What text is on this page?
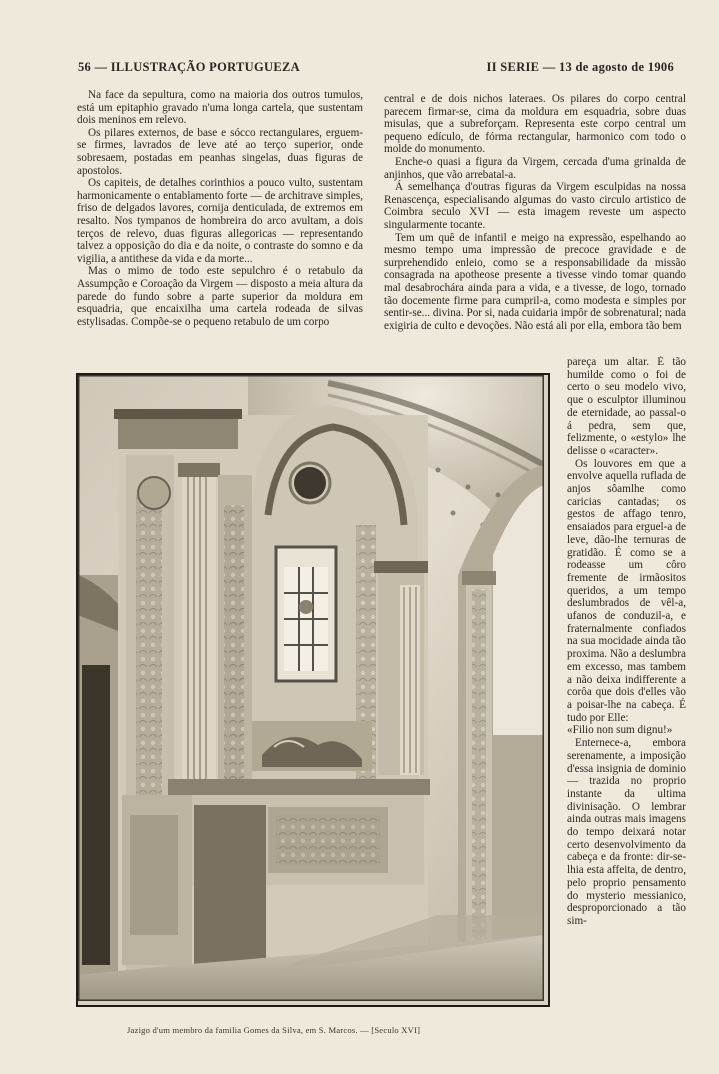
56 — ILLUSTRAÇÃO PORTUGUEZA	II SERIE — 13 de agosto de 1906

Na face da sepultura, como na maioria dos outros tumulos, está um epitaphio gravado n'uma longa cartela, que sustentam dois meninos em relevo.

Os pilares externos, de base e sócco rectangulares, erguem-se firmes, lavrados de leve até ao terço superior, onde sobresaem, postadas em peanhas singelas, duas figuras de apostolos.

Os capiteis, de detalhes corinthios a pouco vulto, sustentam harmonicamente o entablamento forte — de architrave simples, friso de delgados lavores, cornija denticulada, de extremos em resalto. Nos tympanos de hombreira do arco avultam, a dois terços de relevo, duas figuras allegoricas — representando talvez a opposição do dia e da noite, o contraste do somno e da vigilia, a antithese da vida e da morte...

Mas o mimo de todo este sepulchro é o retabulo da Assumpção e Coroação da Virgem — disposto a meia altura da parede do fundo sobre a parte superior da moldura em esquadria, que encaixilha uma cartela rodeada de silvas estylisadas. Compõe-se o pequeno retabulo de um corpo

central e de dois nichos lateraes. Os pilares do corpo central parecem firmar-se, cima da moldura em esquadria, sobre duas misulas, que a subreforçam. Representa este corpo central um pequeno edículo, de fórma rectangular, harmonico com todo o molde do monumento.

Enche-o quasi a figura da Virgem, cercada d'uma grinalda de anjinhos, que vão arrebatal-a.

Á semelhança d'outras figuras da Virgem esculpidas na nossa Renascença, especialisando algumas do vasto circulo artistico de Coimbra seculo XVI — esta imagem reveste um aspecto singularmente tocante.

Tem um quê de infantil e meigo na expressão, espelhando ao mesmo tempo uma impressão de precoce gravidade e de surprehendido enleio, como se a responsabilidade da missão consagrada na apotheose presente a tivesse vindo tomar quando mal desabrochára ainda para a vida, e a tivesse, de logo, tornado tão docemente firme para cumpril-a, como modesta e simples por sentir-se... divina. Por si, nada cuidaria impôr de sobrenatural; nada exigiria de culto e devoções. Não está ali por ella, embora tão bem

pareça um altar. É tão humilde como o foi de certo o seu modelo vivo, que o esculptor illuminou de eternidade, ao passal-o á pedra, sem que, felizmente, o «estylo» lhe delisse o «caracter».

Os louvores em que a envolve aquella ruflada de anjos sôamlhe como caricias cantadas; os gestos de affago tenro, ensaiados para erguel-a de leve, dão-lhe ternuras de gratidão. É como se a rodeasse um côro fremente de irmãositos queridos, a um tempo deslumbrados de vêl-a, ufanos de conduzil-a, e fraternalmente confiados na sua mocidade ainda tão proxima. Não a deslumbra em excesso, mas tambem a não deixa indifferente a corôa que dois d'elles vão a poisar-lhe na cabeça. É tudo por Elle:

«Filio non sum dignu!»

Enternece-a, embora serenamente, a imposição d'essa insignia de dominio — trazida no proprio instante da ultima divinisação. O lembrar ainda outras mais imagens do tempo deixará notar certo desenvolvimento da cabeça e da fronte: dir-se-lhia esta affeita, de dentro, pelo proprio pensamento do mysterio messianico, desproporcionado a tão sim-

Jazigo d'um membro da familia Gomes da Silva, em S. Marcos. — [Seculo XVI]
